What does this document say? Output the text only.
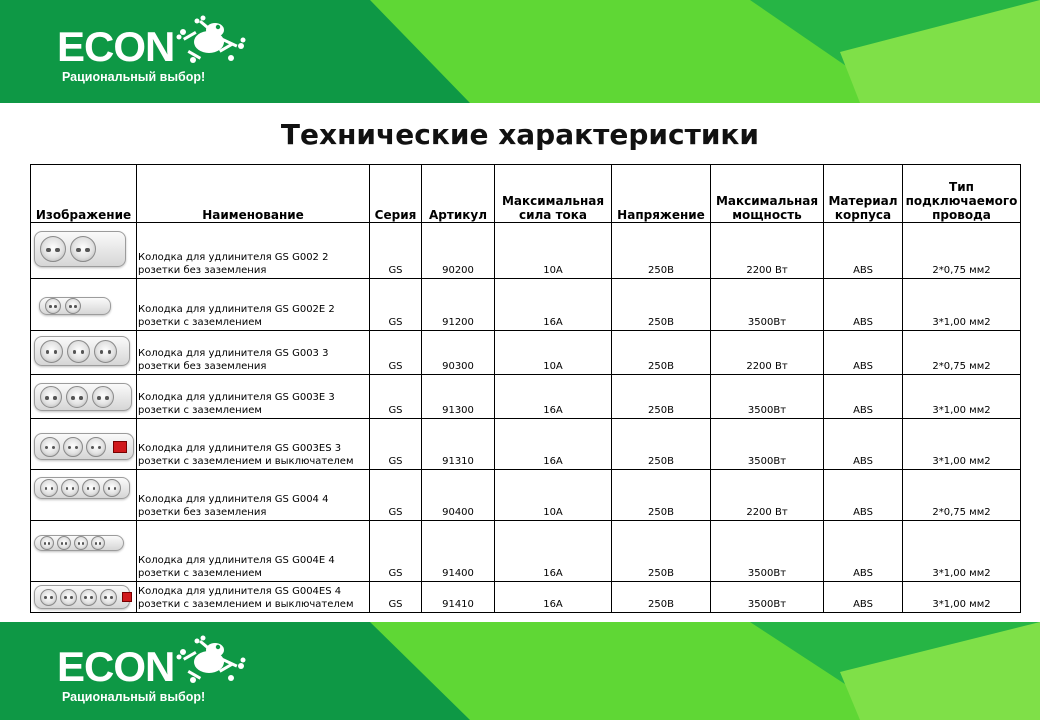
ECON
Рациональный выбор!
Технические характеристики
Изображение	Наименование	Серия	Артикул	Максимальная сила тока	Напряжение	Максимальная мощность	Материал корпуса	Тип подключаемого провода

	Колодка для удлинителя GS G002 2 розетки без заземления	GS	90200	10А	250В	2200 Вт	ABS	2*0,75 мм2

	Колодка для удлинителя GS G002E 2 розетки с заземлением	GS	91200	16А	250В	3500Вт	ABS	3*1,00 мм2

	Колодка для удлинителя GS G003 3 розетки без заземления	GS	90300	10А	250В	2200 Вт	ABS	2*0,75 мм2

	Колодка для удлинителя GS G003E 3 розетки с заземлением	GS	91300	16А	250В	3500Вт	ABS	3*1,00 мм2

	Колодка для удлинителя GS G003ES 3 розетки с заземлением и выключателем	GS	91310	16А	250В	3500Вт	ABS	3*1,00 мм2

	Колодка для удлинителя GS G004 4 розетки без заземления	GS	90400	10А	250В	2200 Вт	ABS	2*0,75 мм2

	Колодка для удлинителя GS G004E 4 розетки с заземлением	GS	91400	16А	250В	3500Вт	ABS	3*1,00 мм2

	Колодка для удлинителя GS G004ES 4 розетки с заземлением и выключателем	GS	91410	16А	250В	3500Вт	ABS	3*1,00 мм2
ECON
Рациональный выбор!
